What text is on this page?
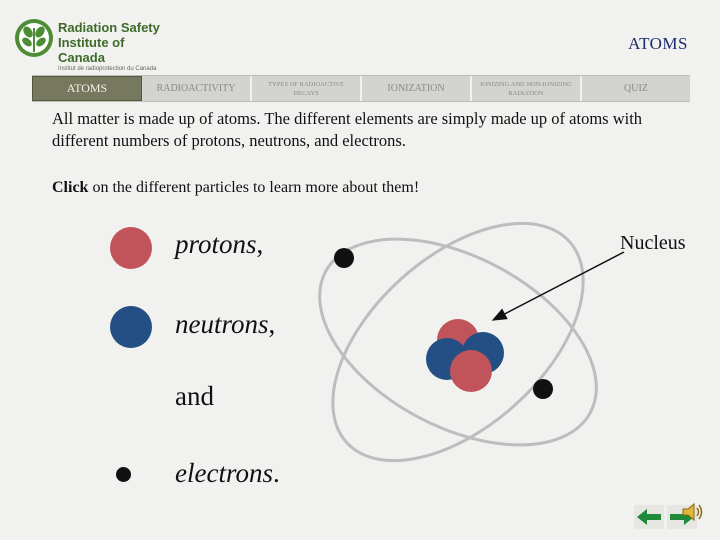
Radiation Safety
Institute of Canada
Institut de radioprotection du Canada
ATOMS
ATOMS	RADIOACTIVITY	TYPES OF RADIOACTIVE DECAYS	IONIZATION	IONIZING AND NON-IONIZING RADIATION	QUIZ

All matter is made up of atoms. The different elements are simply made up of atoms with different numbers of protons, neutrons, and electrons.

Click on the different particles to learn more about them!

protons,
neutrons,
and
electrons.
Nucleus
